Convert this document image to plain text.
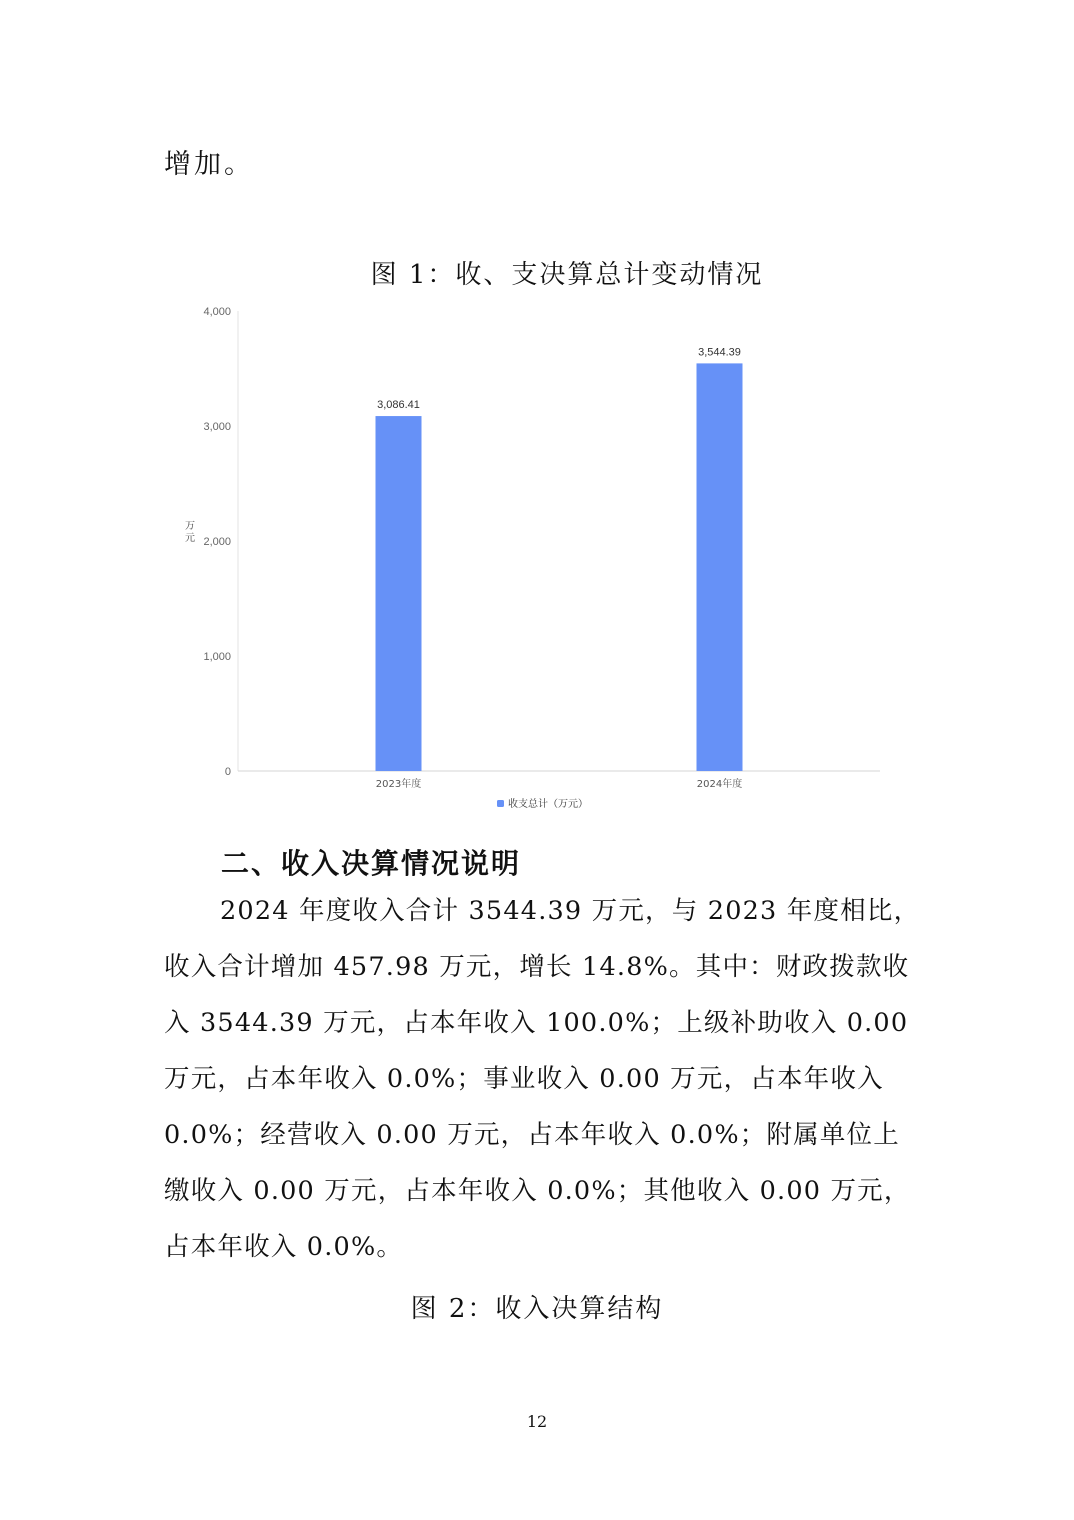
增加。
图 1：收、支决算总计变动情况
万
元
0
1,000
2,000
3,000
4,000
3,086.41
3,544.39
2023年度	2024年度
收支总计（万元）
二、收入决算情况说明
2024 年度收入合计 3544.39 万元，与 2023 年度相比，
收入合计增加 457.98 万元，增长 14.8%。其中：财政拨款收
入 3544.39 万元，占本年收入 100.0%；上级补助收入 0.00
万元，占本年收入 0.0%；事业收入 0.00 万元，占本年收入
0.0%；经营收入 0.00 万元，占本年收入 0.0%；附属单位上
缴收入 0.00 万元，占本年收入 0.0%；其他收入 0.00 万元，
占本年收入 0.0%。
图 2：收入决算结构
12
